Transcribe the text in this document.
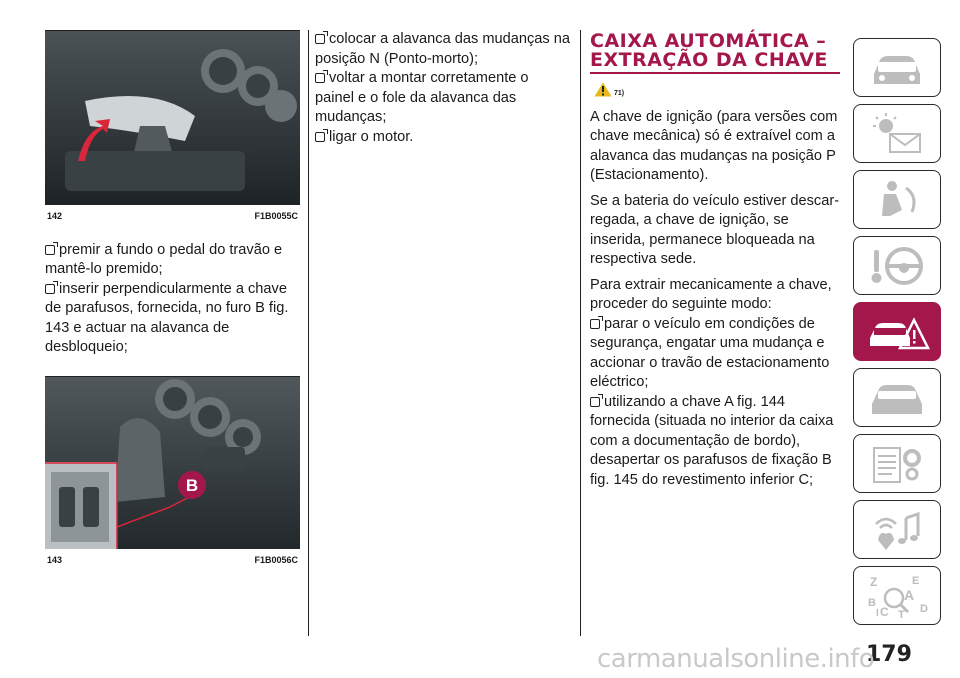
142	F1B0055C

premir a fundo o pedal do travão e mantê-lo premido;

inserir perpendicularmente a chave de parafusos, fornecida, no furo B fig. 143 e actuar na alavanca de desbloqueio;

B
143	F1B0056C

colocar a alavanca das mudanças na posição N (Ponto-morto);

voltar a montar corretamente o painel e o fole da alavanca das mudanças;

ligar o motor.

CAIXA AUTOMÁTICA – EXTRAÇÃO DA CHAVE
71)

A chave de ignição (para versões com chave mecânica) só é extraível com a alavanca das mudanças na posição P (Estacionamento).

Se a bateria do veículo estiver descarregada, a chave de ignição, se inserida, permanece bloqueada na respectiva sede.

Para extrair mecanicamente a chave, proceder do seguinte modo:

parar o veículo em condições de segurança, engatar uma mudança e accionar o travão de estacionamento eléctrico;

utilizando a chave A fig. 144 fornecida (situada no interior da caixa com a documentação de bordo), desapertar os parafusos de fixação B fig. 145 do revestimento inferior C;

Z	E
A
B
C	D
T
I
179
carmanualsonline.info
